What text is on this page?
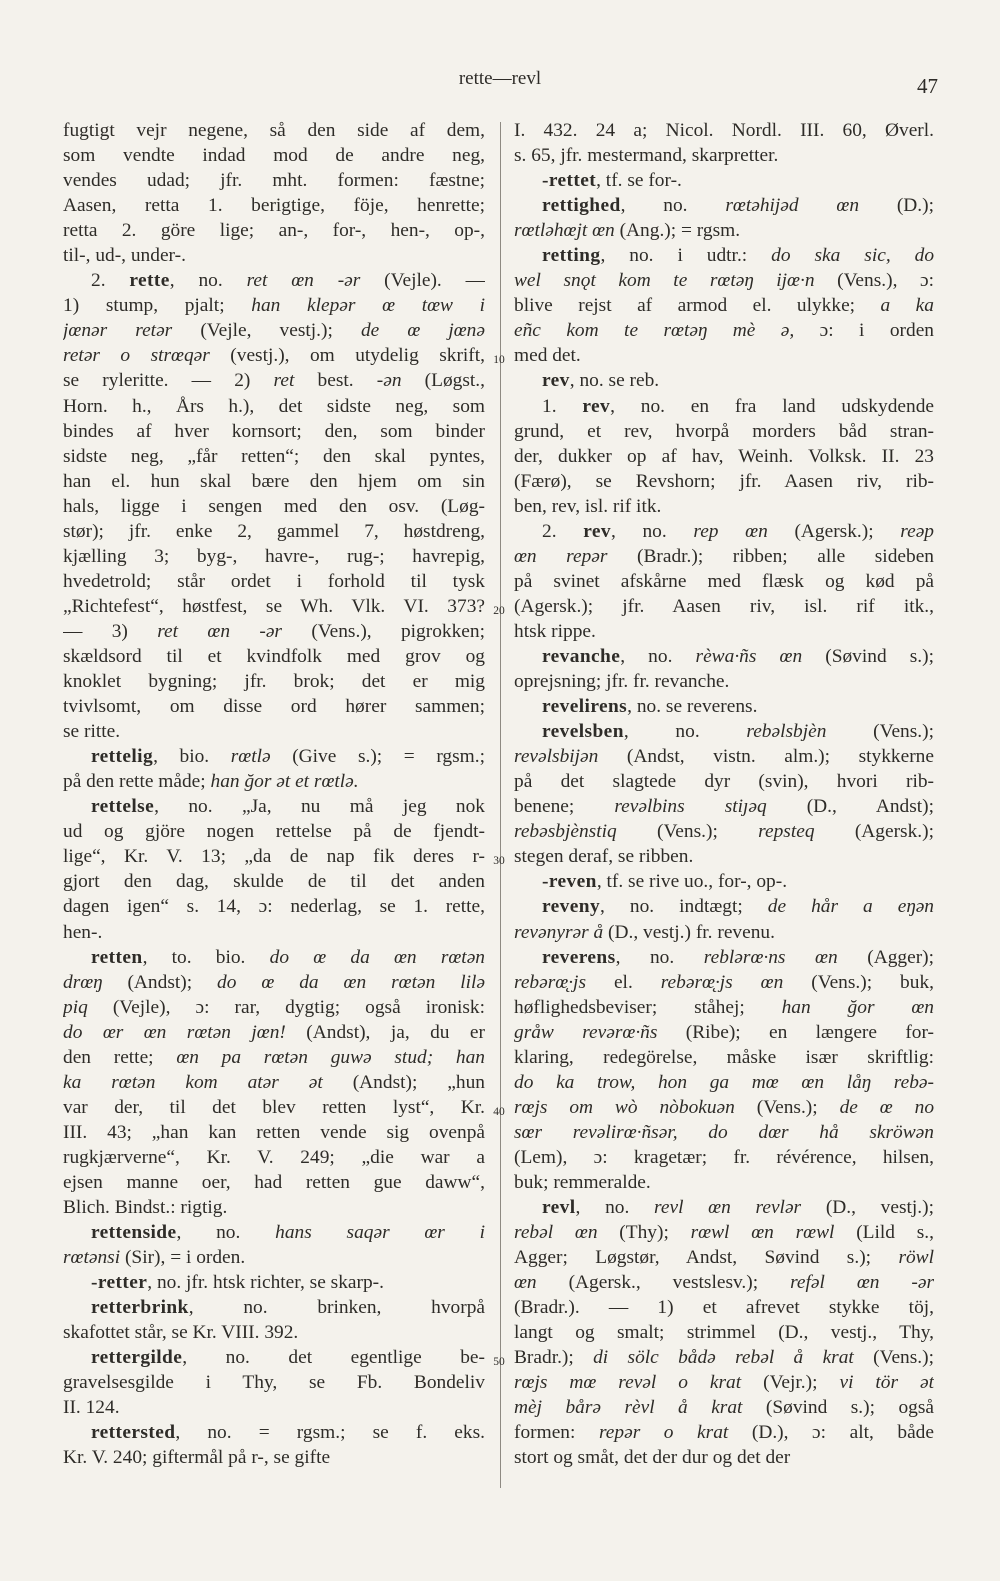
rette—revl	47
fugtigt vejr negene, så den side af dem,
som vendte indad mod de andre neg,
vendes udad; jfr. mht. formen: fæstne;
Aasen, retta 1. berigtige, föje, henrette;
retta 2. göre lige; an-, for-, hen-, op-,
til-, ud-, under-.
2. rette, no. ret œn -ər (Vejle). —
1) stump, pjalt; han klepər œ tœw i
jœnər retər (Vejle, vestj.); de œ jœnə
retər o strœqər (vestj.), om utydelig skrift,
se ryleritte. — 2) ret best. -ən (Løgst.,
Horn. h., Års h.), det sidste neg, som
bindes af hver kornsort; den, som binder
sidste neg, „får retten“; den skal pyntes,
han el. hun skal bære den hjem om sin
hals, ligge i sengen med den osv. (Løg-
stør); jfr. enke 2, gammel 7, høstdreng,
kjælling 3; byg-, havre-, rug-; havrepig,
hvedetrold; står ordet i forhold til tysk
„Richtefest“, høstfest, se Wh. Vlk. VI. 373?
— 3) ret œn -ər (Vens.), pigrokken;
skældsord til et kvindfolk med grov og
knoklet bygning; jfr. brok; det er mig
tvivlsomt, om disse ord hører sammen;
se ritte.
rettelig, bio. rœtlə (Give s.); = rgsm.;
på den rette måde; han ğor ət et rœtlə.
rettelse, no. „Ja, nu må jeg nok
ud og gjöre nogen rettelse på de fjendt-
lige“, Kr. V. 13; „da de nap fik deres r-
gjort den dag, skulde de til det anden
dagen igen“ s. 14, ɔ: nederlag, se 1. rette,
hen-.
retten, to. bio. do œ da œn rœtən
drœŋ (Andst); do œ da œn rœtən lilə
piq (Vejle), ɔ: rar, dygtig; også ironisk:
do œr œn rœtən jœn! (Andst), ja, du er
den rette; œn pa rœtən guwə stud; han
ka rœtən kom atər ət (Andst); „hun
var der, til det blev retten lyst“, Kr.
III. 43; „han kan retten vende sig ovenpå
rugkjærverne“, Kr. V. 249; „die war a
ejsen manne oer, had retten gue daww“,
Blich. Bindst.: rigtig.
rettenside, no. hans saqər œr i
rœtənsi (Sir), = i orden.
-retter, no. jfr. htsk richter, se skarp-.
retterbrink, no. brinken, hvorpå
skafottet står, se Kr. VIII. 392.
rettergilde, no. det egentlige be-
gravelsesgilde i Thy, se Fb. Bondeliv
II. 124.
rettersted, no. = rgsm.; se f. eks.
Kr. V. 240; giftermål på r-, se gifte
I. 432. 24 a; Nicol. Nordl. III. 60, Øverl.
s. 65, jfr. mestermand, skarpretter.
-rettet, tf. se for-.
rettighed, no. rœtəhijəd œn (D.);
rœtləhœjt œn (Ang.); = rgsm.
retting, no. i udtr.: do ska sic, do
wel snǫt kom te rœtəŋ ijœ·n (Vens.), ɔ:
blive rejst af armod el. ulykke; a ka
eñc kom te rœtəŋ mè ə, ɔ: i orden
med det.
rev, no. se reb.
1. rev, no. en fra land udskydende
grund, et rev, hvorpå morders båd stran-
der, dukker op af hav, Weinh. Volksk. II. 23
(Færø), se Revshorn; jfr. Aasen riv, rib-
ben, rev, isl. rif itk.
2. rev, no. rep œn (Agersk.); reəp
œn repər (Bradr.); ribben; alle sideben
på svinet afskårne med flæsk og kød på
(Agersk.); jfr. Aasen riv, isl. rif itk.,
htsk rippe.
revanche, no. rèwa·ñs œn (Søvind s.);
oprejsning; jfr. fr. revanche.
revelirens, no. se reverens.
revelsben, no. rebəlsbjèn (Vens.);
revəlsbijən (Andst, vistn. alm.); stykkerne
på det slagtede dyr (svin), hvori rib-
benene; revəlbins stiȷəq (D., Andst);
rebəsbjènstiq (Vens.); repsteq (Agersk.);
stegen deraf, se ribben.
-reven, tf. se rive uo., for-, op-.
reveny, no. indtægt; de hår a eŋən
revənyrər å (D., vestj.) fr. revenu.
reverens, no. reblərœ·ns œn (Agger);
rebərœ̨·js el. rebərœ̨·js œn (Vens.); buk,
høflighedsbeviser; ståhej; han ğor œn
gråw revərœ·ñs (Ribe); en længere for-
klaring, redegörelse, måske især skriftlig:
do ka trow, hon ga mœ œn låŋ rebə-
rœjs om wò nòbokuən (Vens.); de œ no
sœr revəlirœ·ñsər, do dœr hå skröwən
(Lem), ɔ: kragetær; fr. révérence, hilsen,
buk; remmeralde.
revl, no. revl œn revlər (D., vestj.);
rebəl œn (Thy); rœwl œn rœwl (Lild s.,
Agger; Løgstør, Andst, Søvind s.); röwl
œn (Agersk., vestslesv.); refəl œn -ər
(Bradr.). — 1) et afrevet stykke töj,
langt og smalt; strimmel (D., vestj., Thy,
Bradr.); di sölc bådə rebəl å krat (Vens.);
rœjs mœ revəl o krat (Vejr.); vi tör ət
mèj bårə rèvl å krat (Søvind s.); også
formen: repər o krat (D.), ɔ: alt, både
stort og småt, det der dur og det der
10
20
30
40
50
